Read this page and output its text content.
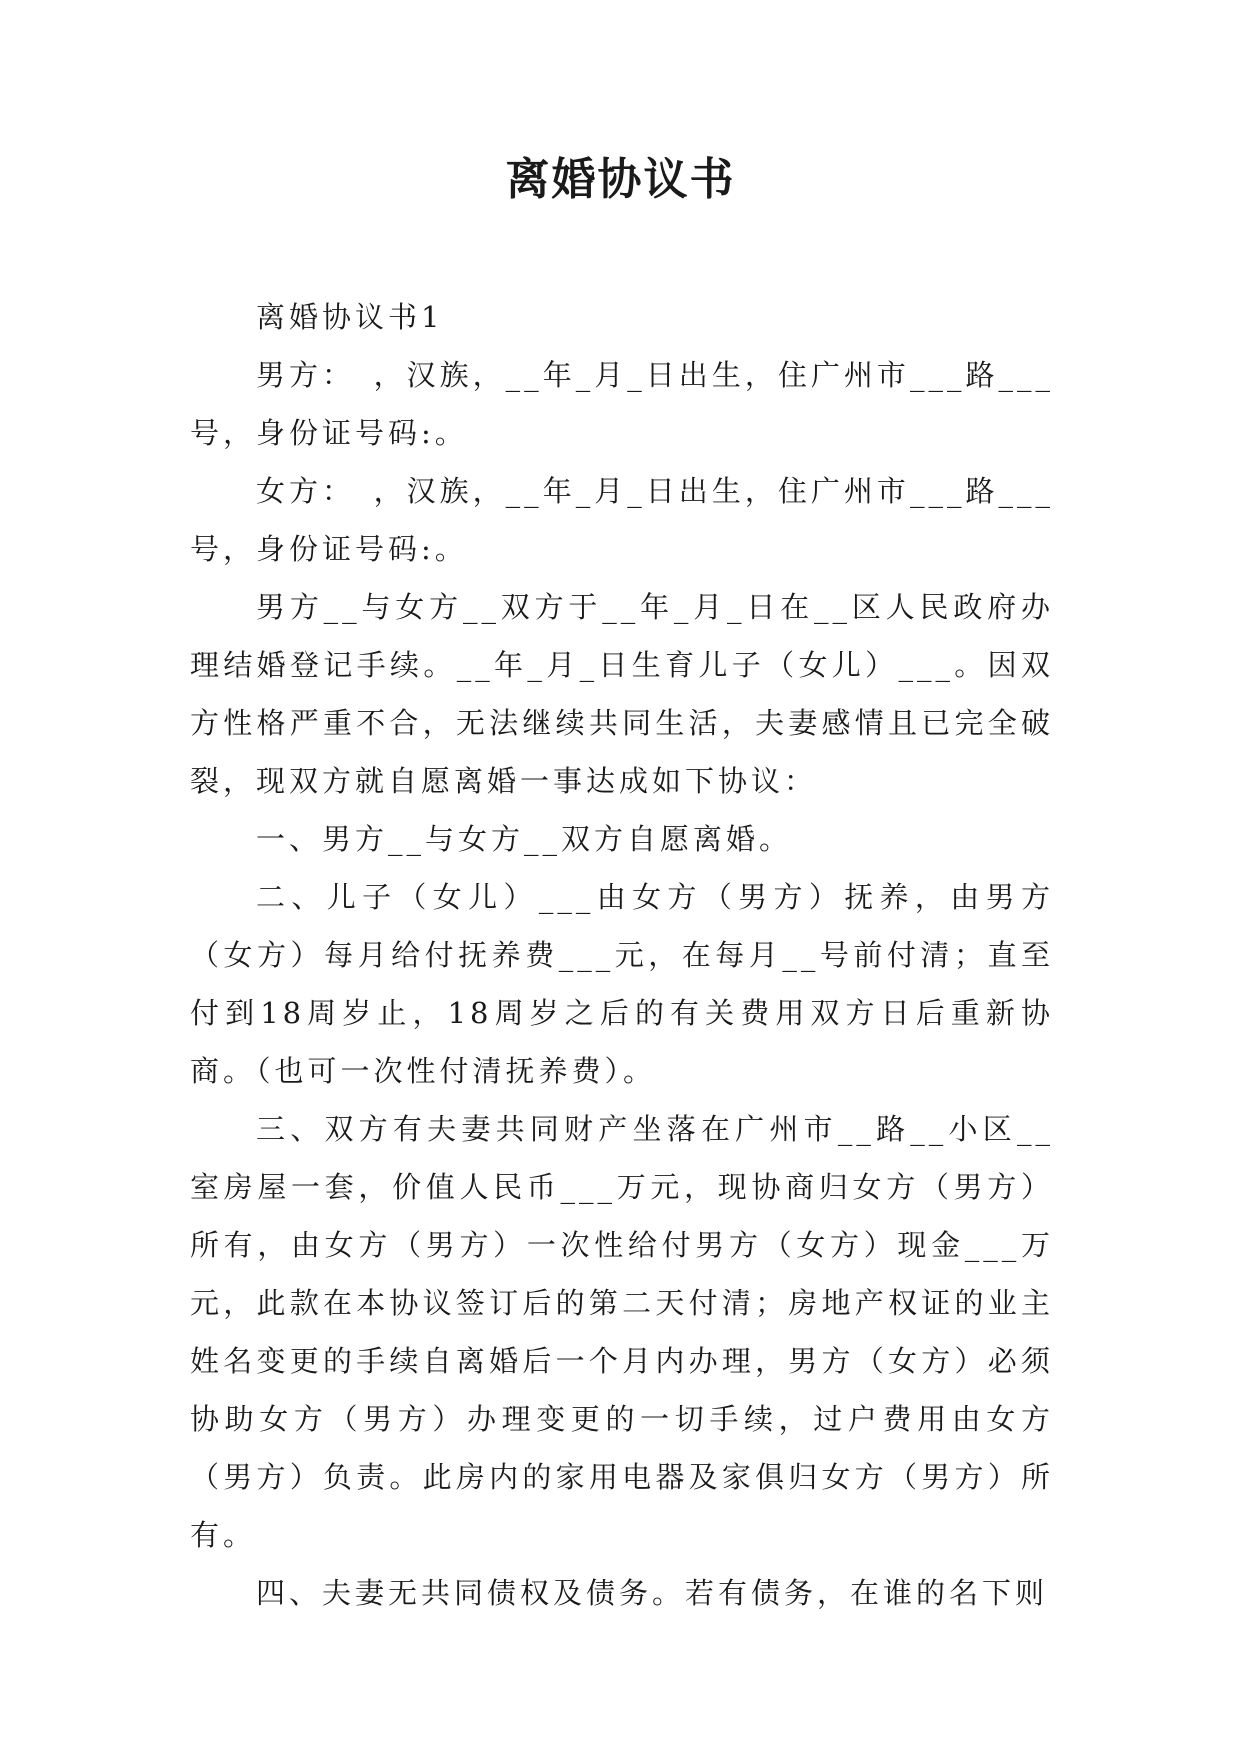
离婚协议书

离婚协议书1

男方：　，汉族，__年_月_日出生，住广州市___路___号，身份证号码:。

女方：　，汉族，__年_月_日出生，住广州市___路___号，身份证号码:。

男方__与女方__双方于__年_月_日在__区人民政府办理结婚登记手续。__年_月_日生育儿子（女儿）___。因双方性格严重不合，无法继续共同生活，夫妻感情且已完全破裂，现双方就自愿离婚一事达成如下协议：

一、男方__与女方__双方自愿离婚。

二、儿子（女儿）___由女方（男方）抚养，由男方（女方）每月给付抚养费___元，在每月__号前付清；直至付到18周岁止，18周岁之后的有关费用双方日后重新协商。（也可一次性付清抚养费）。

三、双方有夫妻共同财产坐落在广州市__路__小区__室房屋一套，价值人民币___万元，现协商归女方（男方）所有，由女方（男方）一次性给付男方（女方）现金___万元，此款在本协议签订后的第二天付清；房地产权证的业主姓名变更的手续自离婚后一个月内办理，男方（女方）必须协助女方（男方）办理变更的一切手续，过户费用由女方（男方）负责。此房内的家用电器及家俱归女方（男方）所有。

四、夫妻无共同债权及债务。若有债务，在谁的名下则
